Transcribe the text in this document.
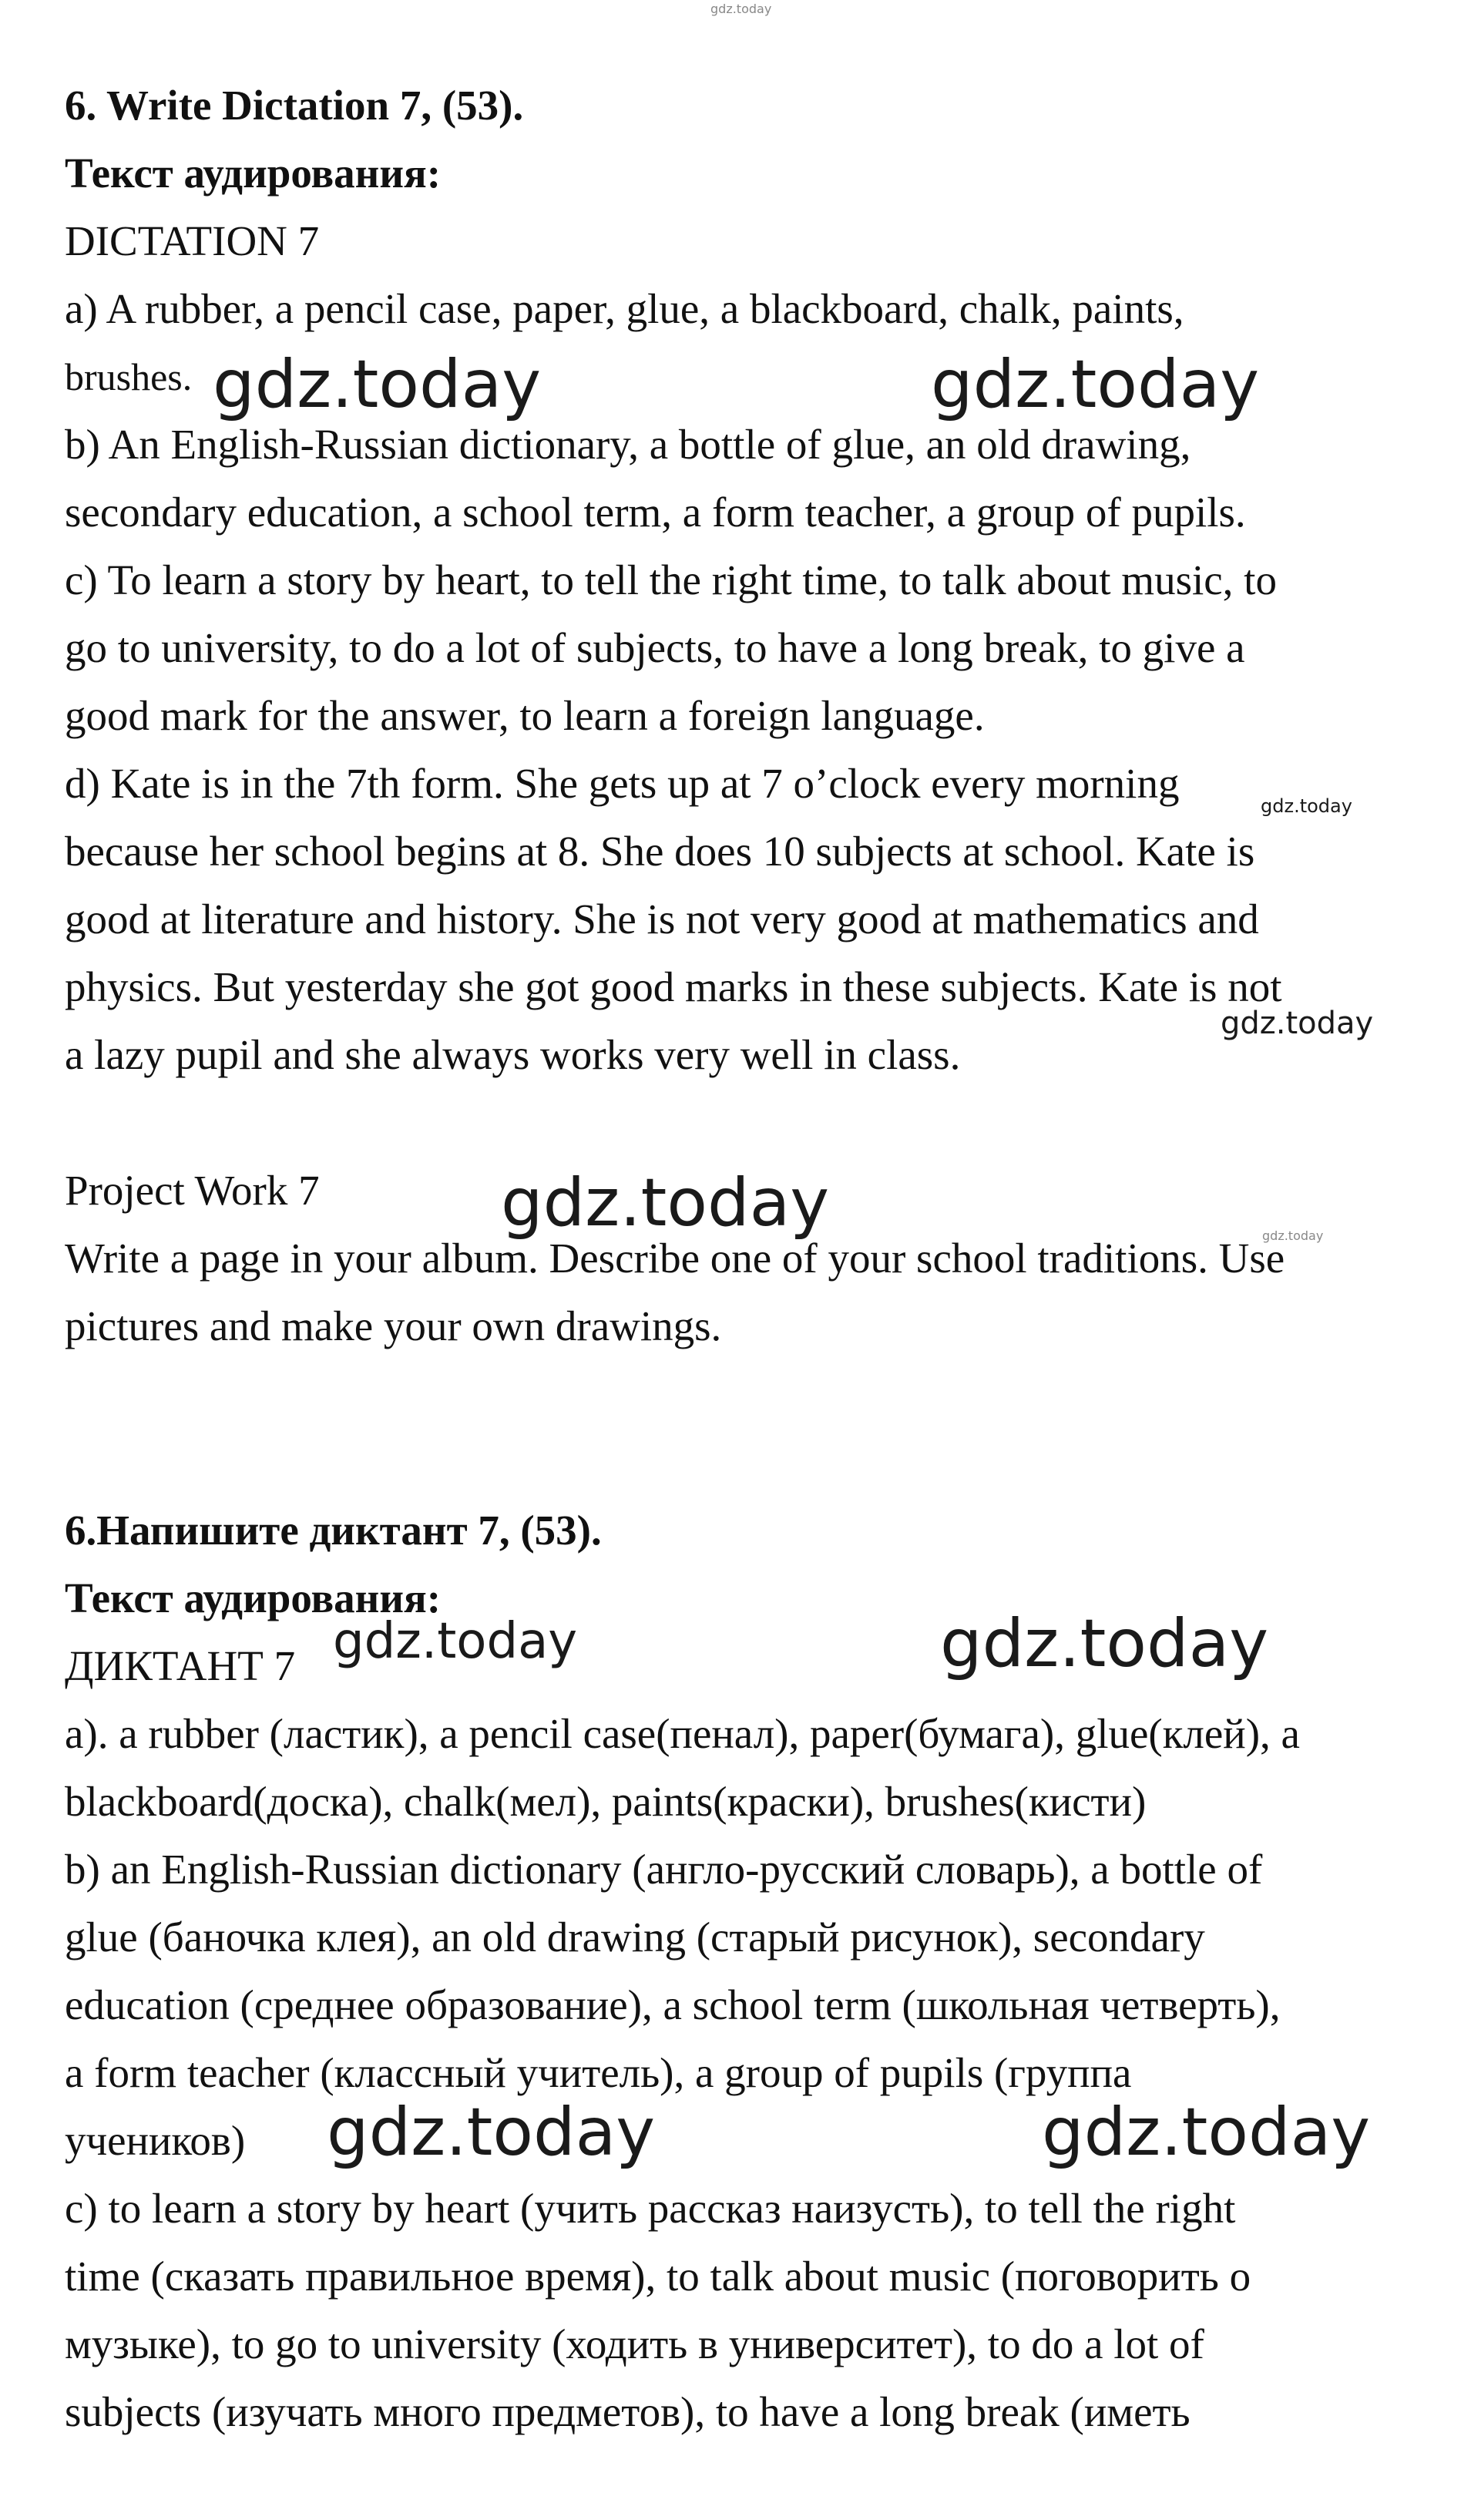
gdz.today

6. Write Dictation 7, (53).

Текст аудирования:

DICTATION 7

a) A rubber, a pencil case, paper, glue, a blackboard, chalk, paints,

brushes.

b) An English-Russian dictionary, a bottle of glue, an old drawing,

secondary education, a school term, a form teacher, a group of pupils.

c) To learn a story by heart, to tell the right time, to talk about music, to

go to university, to do a lot of subjects, to have a long break, to give a

good mark for the answer, to learn a foreign language.

d) Kate is in the 7th form. She gets up at 7 o’clock every morning

because her school begins at 8. She does 10 subjects at school. Kate is

good at literature and history. She is not very good at mathematics and

physics. But yesterday she got good marks in these subjects. Kate is not

a lazy pupil and she always works very well in class.

Project Work 7

Write a page in your album. Describe one of your school traditions. Use

pictures and make your own drawings.

6.Напишите диктант 7, (53).

Текст аудирования:

ДИКТАНТ 7

a). a rubber (ластик), a pencil case(пенал), paper(бумага), glue(клей), a

blackboard(доска), chalk(мел), paints(краски), brushes(кисти)

b) an English-Russian dictionary (англо-русский словарь), a bottle of

glue (баночка клея), an old drawing (старый рисунок), secondary

education (среднее образование), a school term (школьная четверть),

a form teacher (классный учитель), a group of pupils (группа

учеников)

c) to learn a story by heart (учить рассказ наизусть), to tell the right

time (сказать правильное время), to talk about music (поговорить о

музыке), to go to university (ходить в университет), to do a lot of

subjects (изучать много предметов), to have a long break (иметь

gdz.today	gdz.today
gdz.today
gdz.today
gdz.today	gdz.today
gdz.today	gdz.today
gdz.today	gdz.today
